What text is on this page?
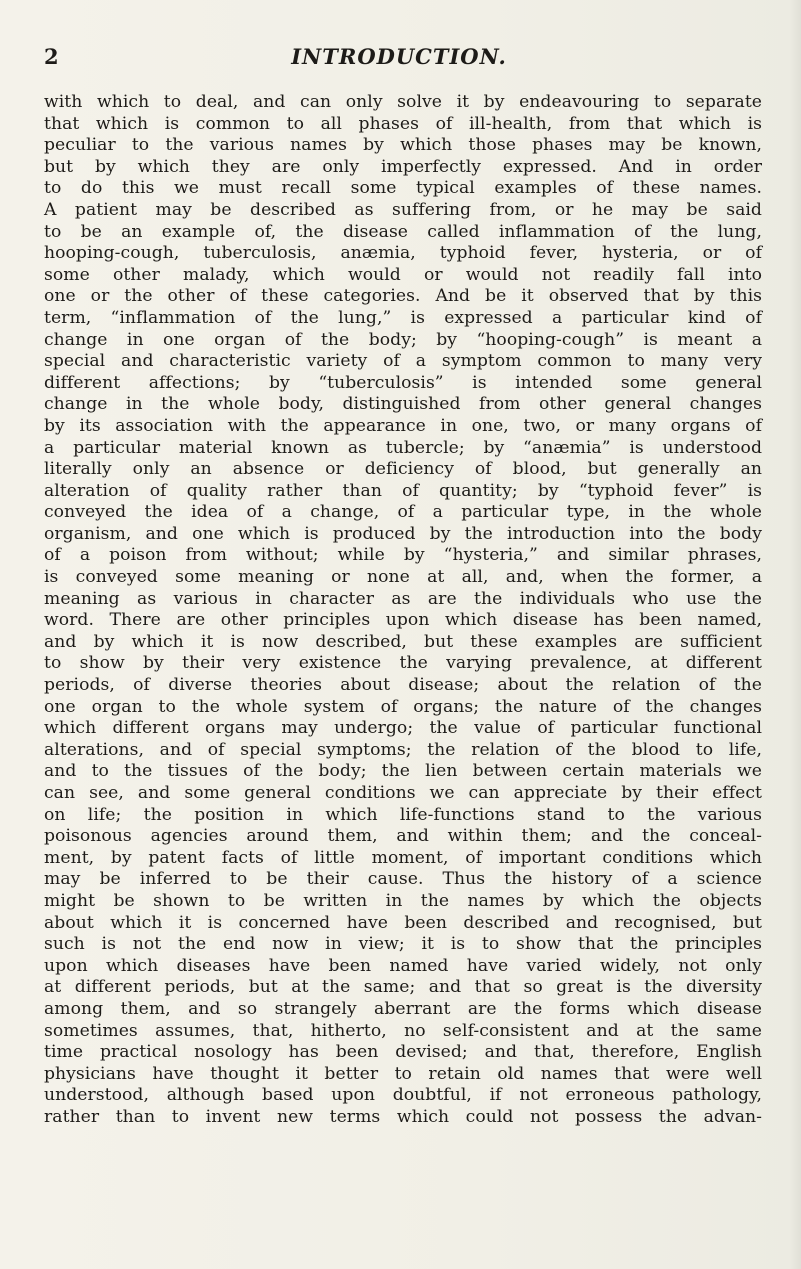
2	INTRODUCTION.
with which to deal, and can only solve it by endeavouring to separate
that which is common to all phases of ill-health, from that which is
peculiar to the various names by which those phases may be known,
but by which they are only imperfectly expressed. And in order
to do this we must recall some typical examples of these names.
A patient may be described as suffering from, or he may be said
to be an example of, the disease called inflammation of the lung,
hooping-cough, tuberculosis, anæmia, typhoid fever, hysteria, or of
some other malady, which would or would not readily fall into
one or the other of these categories. And be it observed that by this
term, “inflammation of the lung,” is expressed a particular kind of
change in one organ of the body; by “hooping-cough” is meant a
special and characteristic variety of a symptom common to many very
different affections; by “tuberculosis” is intended some general
change in the whole body, distinguished from other general changes
by its association with the appearance in one, two, or many organs of
a particular material known as tubercle; by “anæmia” is understood
literally only an absence or deficiency of blood, but generally an
alteration of quality rather than of quantity; by “typhoid fever” is
conveyed the idea of a change, of a particular type, in the whole
organism, and one which is produced by the introduction into the body
of a poison from without; while by “hysteria,” and similar phrases,
is conveyed some meaning or none at all, and, when the former, a
meaning as various in character as are the individuals who use the
word. There are other principles upon which disease has been named,
and by which it is now described, but these examples are sufficient
to show by their very existence the varying prevalence, at different
periods, of diverse theories about disease; about the relation of the
one organ to the whole system of organs; the nature of the changes
which different organs may undergo; the value of particular functional
alterations, and of special symptoms; the relation of the blood to life,
and to the tissues of the body; the lien between certain materials we
can see, and some general conditions we can appreciate by their effect
on life; the position in which life-functions stand to the various
poisonous agencies around them, and within them; and the conceal-
ment, by patent facts of little moment, of important conditions which
may be inferred to be their cause. Thus the history of a science
might be shown to be written in the names by which the objects
about which it is concerned have been described and recognised, but
such is not the end now in view; it is to show that the principles
upon which diseases have been named have varied widely, not only
at different periods, but at the same; and that so great is the diversity
among them, and so strangely aberrant are the forms which disease
sometimes assumes, that, hitherto, no self-consistent and at the same
time practical nosology has been devised; and that, therefore, English
physicians have thought it better to retain old names that were well
understood, although based upon doubtful, if not erroneous pathology,
rather than to invent new terms which could not possess the advan-
